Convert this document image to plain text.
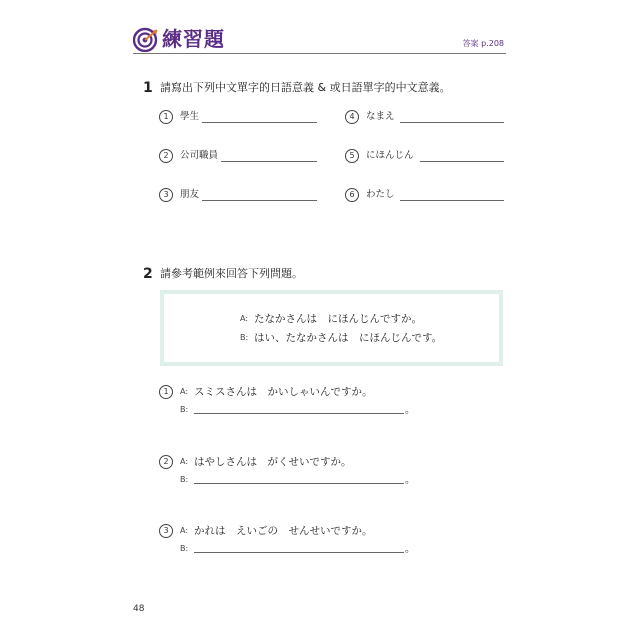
練習題	答案 p.208
1 請寫出下列中文單字的日語意義 & 或日語單字的中文意義。
1	學生
2	公司職員
3	朋友
4	なまえ
5	にほんじん
6	わたし
2 請參考範例來回答下列問題。
A: たなかさんは　にほんじんですか。
B: はい、たなかさんは　にほんじんです。
1	A: スミスさんは　かいしゃいんですか。
B:	。
2	A: はやしさんは　がくせいですか。
B:	。
3	A: かれは　えいごの　せんせいですか。
B:	。
48
